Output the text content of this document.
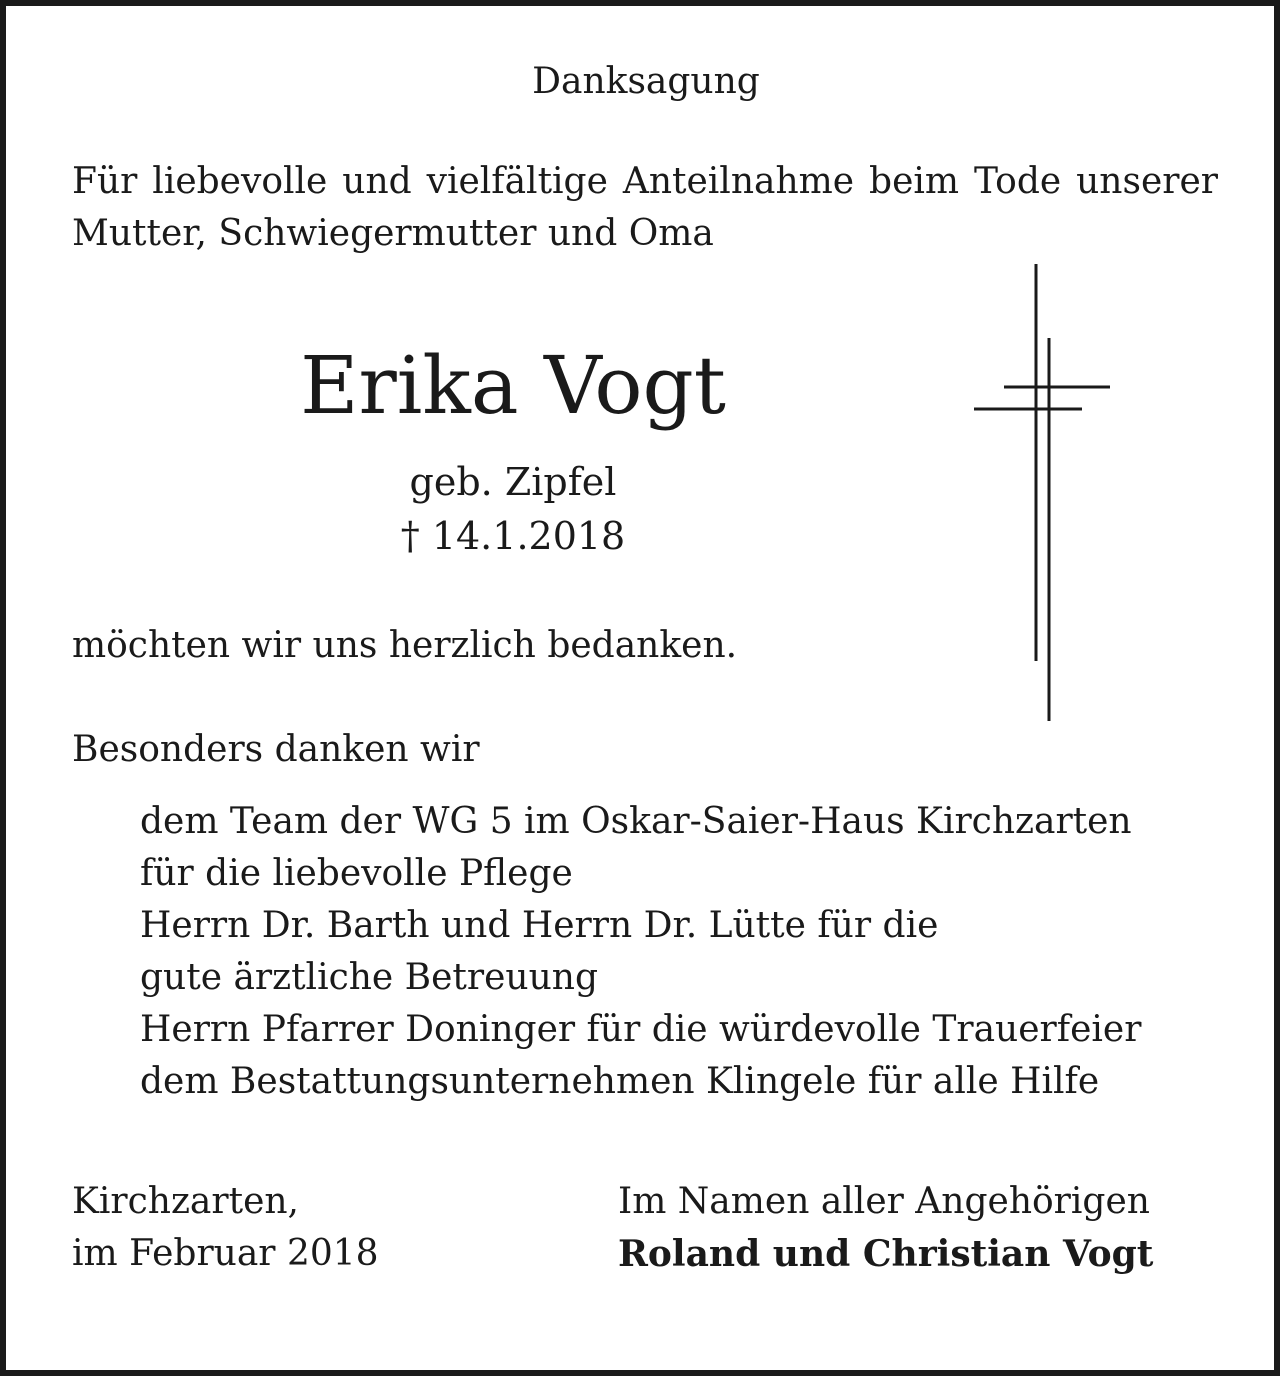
Danksagung
Für liebevolle und vielfältige Anteilnahme beim Tode unserer Mutter, Schwiegermutter und Oma
Erika Vogt
geb. Zipfel
† 14.1.2018
möchten wir uns herzlich bedanken.
Besonders danken wir
dem Team der WG 5 im Oskar-Saier-Haus Kirchzarten
für die liebevolle Pflege
Herrn Dr. Barth und Herrn Dr. Lütte für die
gute ärztliche Betreuung
Herrn Pfarrer Doninger für die würdevolle Trauerfeier
dem Bestattungsunternehmen Klingele für alle Hilfe
Kirchzarten,
im Februar 2018
Im Namen aller Angehörigen
Roland und Christian Vogt
